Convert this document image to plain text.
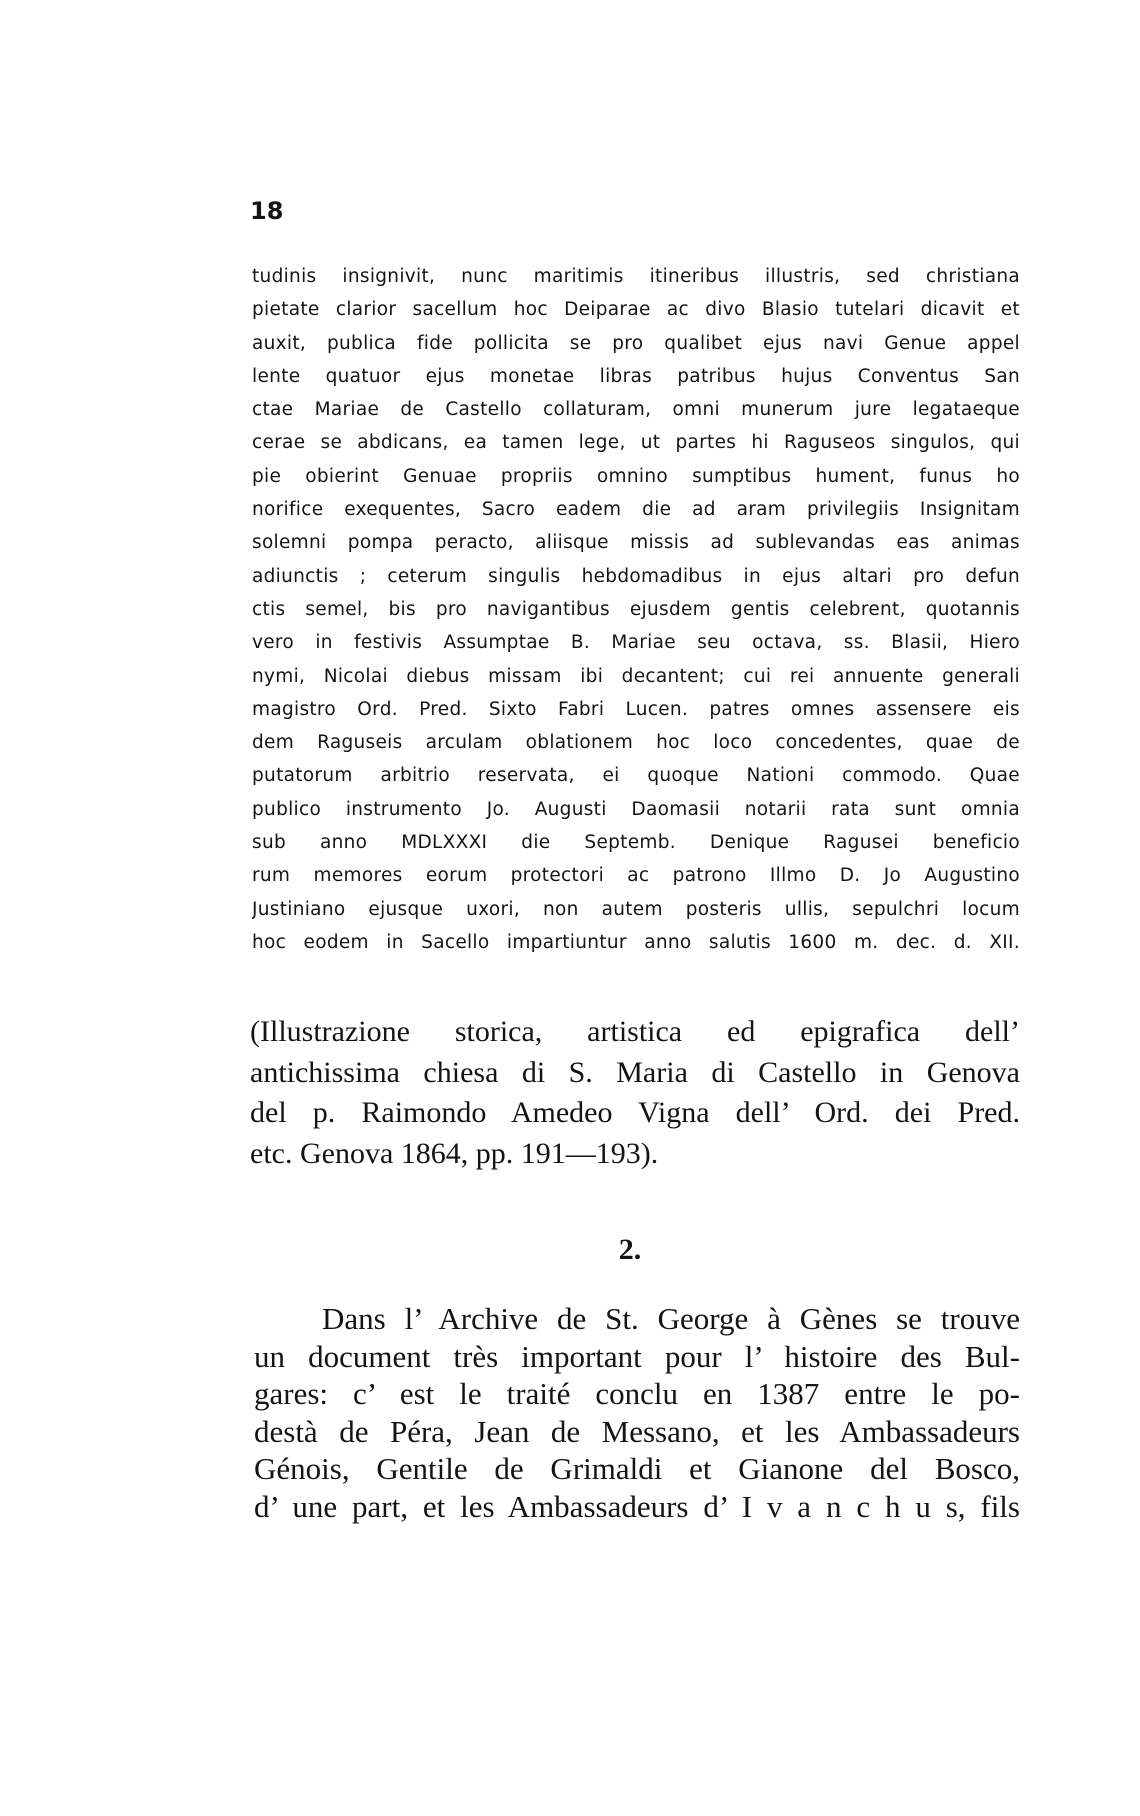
18
tudinis insignivit, nunc maritimis itineribus illustris, sed christiana
pietate clarior sacellum hoc Deiparae ac divo Blasio tutelari dicavit et
auxit, publica fide pollicita se pro qualibet ejus navi Genue appel
lente quatuor ejus monetae libras patribus hujus Conventus San
ctae Mariae de Castello collaturam, omni munerum jure legataeque
cerae se abdicans, ea tamen lege, ut partes hi Raguseos singulos, qui
pie obierint Genuae propriis omnino sumptibus hument, funus ho
norifice exequentes, Sacro eadem die ad aram privilegiis Insignitam
solemni pompa peracto, aliisque missis ad sublevandas eas animas
adiunctis ; ceterum singulis hebdomadibus in ejus altari pro defun
ctis semel, bis pro navigantibus ejusdem gentis celebrent, quotannis
vero in festivis Assumptae B. Mariae seu octava, ss. Blasii, Hiero
nymi, Nicolai diebus missam ibi decantent; cui rei annuente generali
magistro Ord. Pred. Sixto Fabri Lucen. patres omnes assensere eis
dem Raguseis arculam oblationem hoc loco concedentes, quae de
putatorum arbitrio reservata, ei quoque Nationi commodo. Quae
publico instrumento Jo. Augusti Daomasii notarii rata sunt omnia
sub anno MDLXXXI die Septemb. Denique Ragusei beneficio
rum memores eorum protectori ac patrono Illmo D. Jo Augustino
Justiniano ejusque uxori, non autem posteris ullis, sepulchri locum
hoc eodem in Sacello impartiuntur anno salutis 1600 m. dec. d. XII.
(Illustrazione storica, artistica ed epigrafica dell’
antichissima chiesa di S. Maria di Castello in Genova
del p. Raimondo Amedeo Vigna dell’ Ord. dei Pred.
etc. Genova 1864, pp. 191—193).
2.
Dans l’ Archive de St. George à Gènes se trouve
un document très important pour l’ histoire des Bul-
gares: c’ est le traité conclu en 1387 entre le po-
destà de Péra, Jean de Messano, et les Ambassadeurs
Génois, Gentile de Grimaldi et Gianone del Bosco,
d’ une part, et les Ambassadeurs d’ I v a n c h u s, fils
